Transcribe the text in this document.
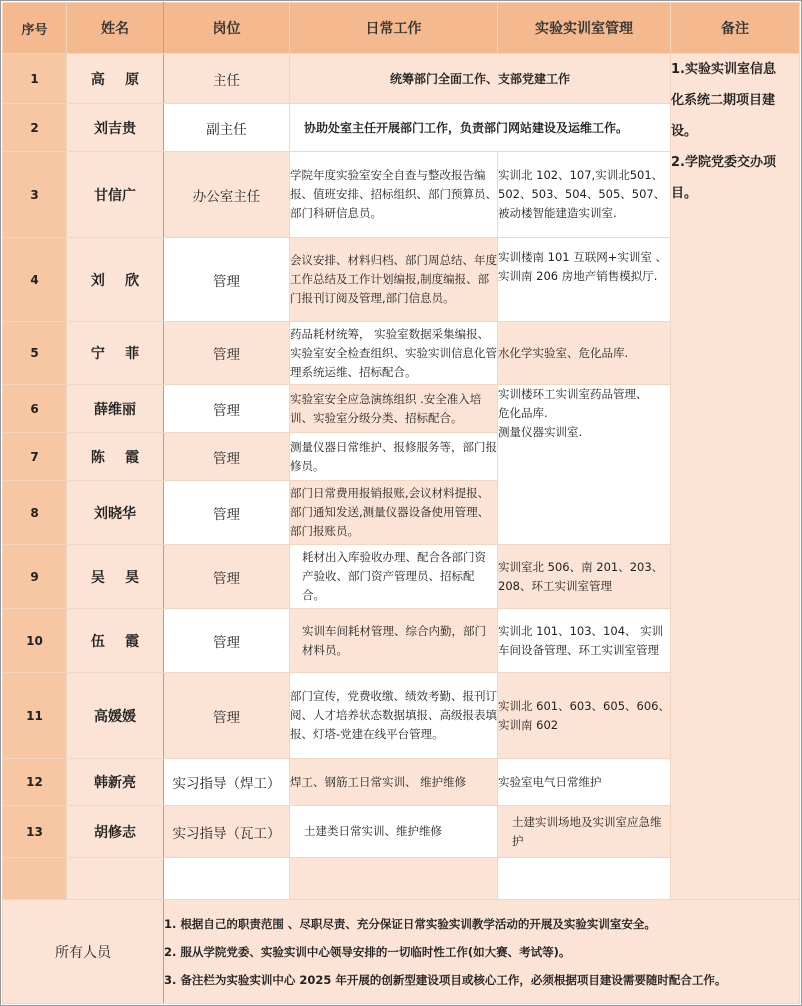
序号	姓名	岗位	日常工作	实验实训室管理	备注
1	高 原	主任	统筹部门全面工作、支部党建工作		1.实验实训室信息
化系统二期项目建
设。
2.学院党委交办项
目。

2	刘吉贵	副主任	协助处室主任开展部门工作，负责部门网站建设及运维工作。		
3	甘信广	办公室主任	学院年度实验室安全自查与整改报告编报、值班安排、招标组织、部门预算员、部门科研信息员。	实训北 102、107,实训北501、502、503、504、505、507、被动楼智能建造实训室.	
4	刘 欣	管理	会议安排、材料归档、部门周总结、年度工作总结及工作计划编报,制度编报、部门报刊订阅及管理,部门信息员。	实训楼南 101 互联网+实训室 、实训南 206 房地产销售模拟厅.	
5	宁 菲	管理	药品耗材统筹， 实验室数据采集编报、实验室安全检查组织、实验实训信息化管理系统运维、招标配合。	水化学实验室、危化品库.	
6	薛维丽	管理	实验室安全应急演练组织 .安全准入培训、实验室分级分类、招标配合。	实训楼环工实训室药品管理、
危化品库.
测量仪器实训室.	

7	陈 霞	管理	测量仪器日常维护、报修服务等，部门报修员。		
8	刘晓华	管理	部门日常费用报销报账,会议材料提报、部门通知发送,测量仪器设备使用管理、部门报账员。		
9	吴 昊	管理	耗材出入库验收办理、配合各部门资产验收、部门资产管理员、招标配合。	实训室北 506、南 201、203、208、环工实训室管理	
10	伍 霞	管理	实训车间耗材管理、综合内勤，部门材料员。	实训北 101、103、104、 实训车间设备管理、环工实训室管理	
11	高媛媛	管理	部门宣传，党费收缴、绩效考勤、报刊订阅、人才培养状态数据填报、高级报表填报、灯塔-党建在线平台管理。	实训北 601、603、605、606、实训南 602	
12	韩新亮	实习指导（焊工）	焊工、钢筋工日常实训、 维护维修	实验室电气日常维护	
13	胡修志	实习指导（瓦工）	土建类日常实训、维护维修	土建实训场地及实训室应急维护	

所有人员		1. 根据自己的职责范围 、尽职尽责、充分保证日常实验实训教学活动的开展及实验实训室安全。
2. 服从学院党委、实验实训中心领导安排的一切临时性工作(如大赛、考试等)。
3. 备注栏为实验实训中心 2025 年开展的创新型建设项目或核心工作，必须根据项目建设需要随时配合工作。			
